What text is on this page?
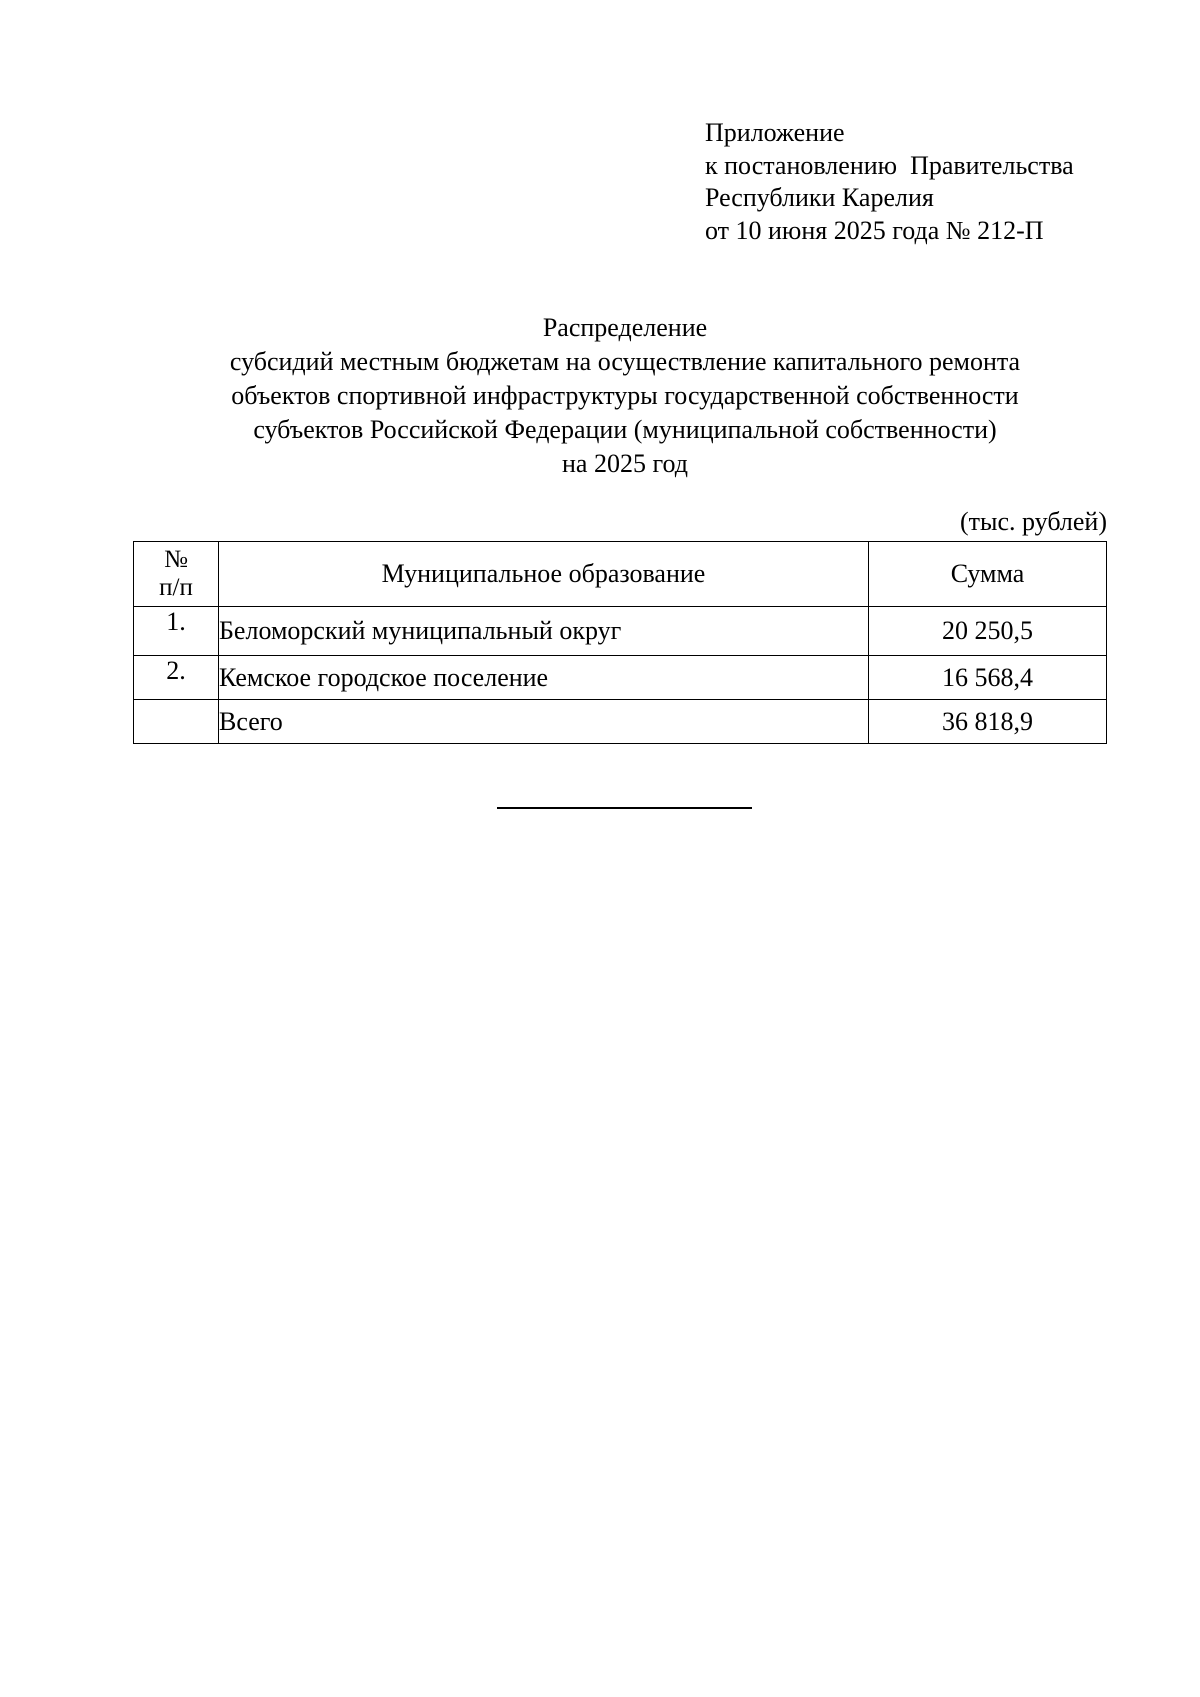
Приложение
к постановлению  Правительства
Республики Карелия
от 10 июня 2025 года № 212-П
Распределение
субсидий местным бюджетам на осуществление капитального ремонта
объектов спортивной инфраструктуры государственной собственности
субъектов Российской Федерации (муниципальной собственности)
на 2025 год
(тыс. рублей)
№
п/п	Муниципальное образование	Сумма
1.	Беломорский муниципальный округ	20 250,5
2.	Кемское городское поселение	16 568,4
	Всего	36 818,9
